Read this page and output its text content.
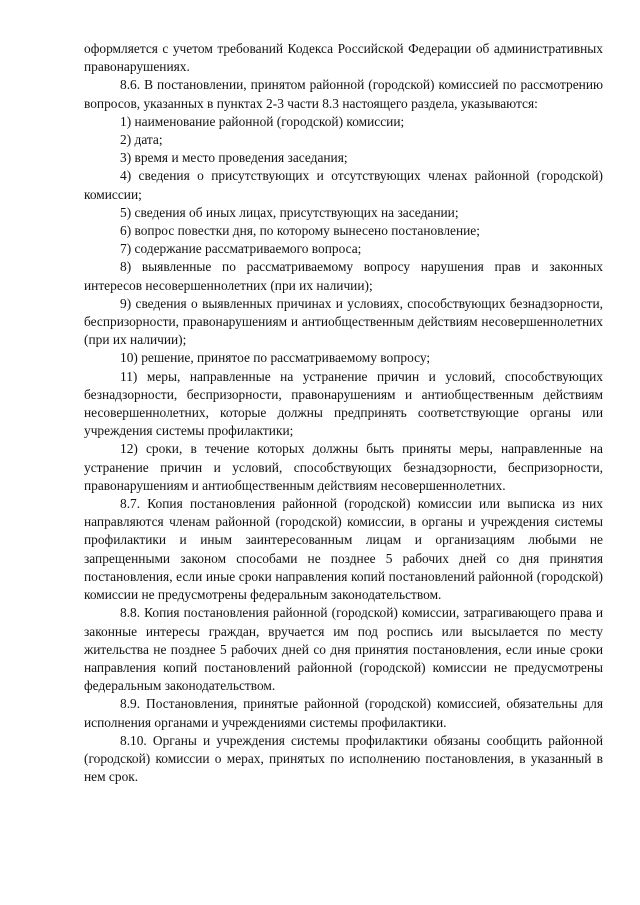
оформляется с учетом требований Кодекса Российской Федерации об административных правонарушениях.

8.6. В постановлении, принятом районной (городской) комиссией по рассмотрению вопросов, указанных в пунктах 2-3 части 8.3 настоящего раздела, указываются:

1) наименование районной (городской) комиссии;

2) дата;

3) время и место проведения заседания;

4) сведения о присутствующих и отсутствующих членах районной (городской) комиссии;

5) сведения об иных лицах, присутствующих на заседании;

6) вопрос повестки дня, по которому вынесено постановление;

7) содержание рассматриваемого вопроса;

8) выявленные по рассматриваемому вопросу нарушения прав и законных интересов несовершеннолетних (при их наличии);

9) сведения о выявленных причинах и условиях, способствующих безнадзорности, беспризорности, правонарушениям и антиобщественным действиям несовершеннолетних (при их наличии);

10) решение, принятое по рассматриваемому вопросу;

11) меры, направленные на устранение причин и условий, способствующих безнадзорности, беспризорности, правонарушениям и антиобщественным действиям несовершеннолетних, которые должны предпринять соответствующие органы или учреждения системы профилактики;

12) сроки, в течение которых должны быть приняты меры, направленные на устранение причин и условий, способствующих безнадзорности, беспризорности, правонарушениям и антиобщественным действиям несовершеннолетних.

8.7. Копия постановления районной (городской) комиссии или выписка из них направляются членам районной (городской) комиссии, в органы и учреждения системы профилактики и иным заинтересованным лицам и организациям любыми не запрещенными законом способами не позднее 5 рабочих дней со дня принятия постановления, если иные сроки направления копий постановлений районной (городской) комиссии не предусмотрены федеральным законодательством.

8.8. Копия постановления районной (городской) комиссии, затрагивающего права и законные интересы граждан, вручается им под роспись или высылается по месту жительства не позднее 5 рабочих дней со дня принятия постановления, если иные сроки направления копий постановлений районной (городской) комиссии не предусмотрены федеральным законодательством.

8.9. Постановления, принятые районной (городской) комиссией, обязательны для исполнения органами и учреждениями системы профилактики.

8.10. Органы и учреждения системы профилактики обязаны сообщить районной (городской) комиссии о мерах, принятых по исполнению постановления, в указанный в нем срок.
